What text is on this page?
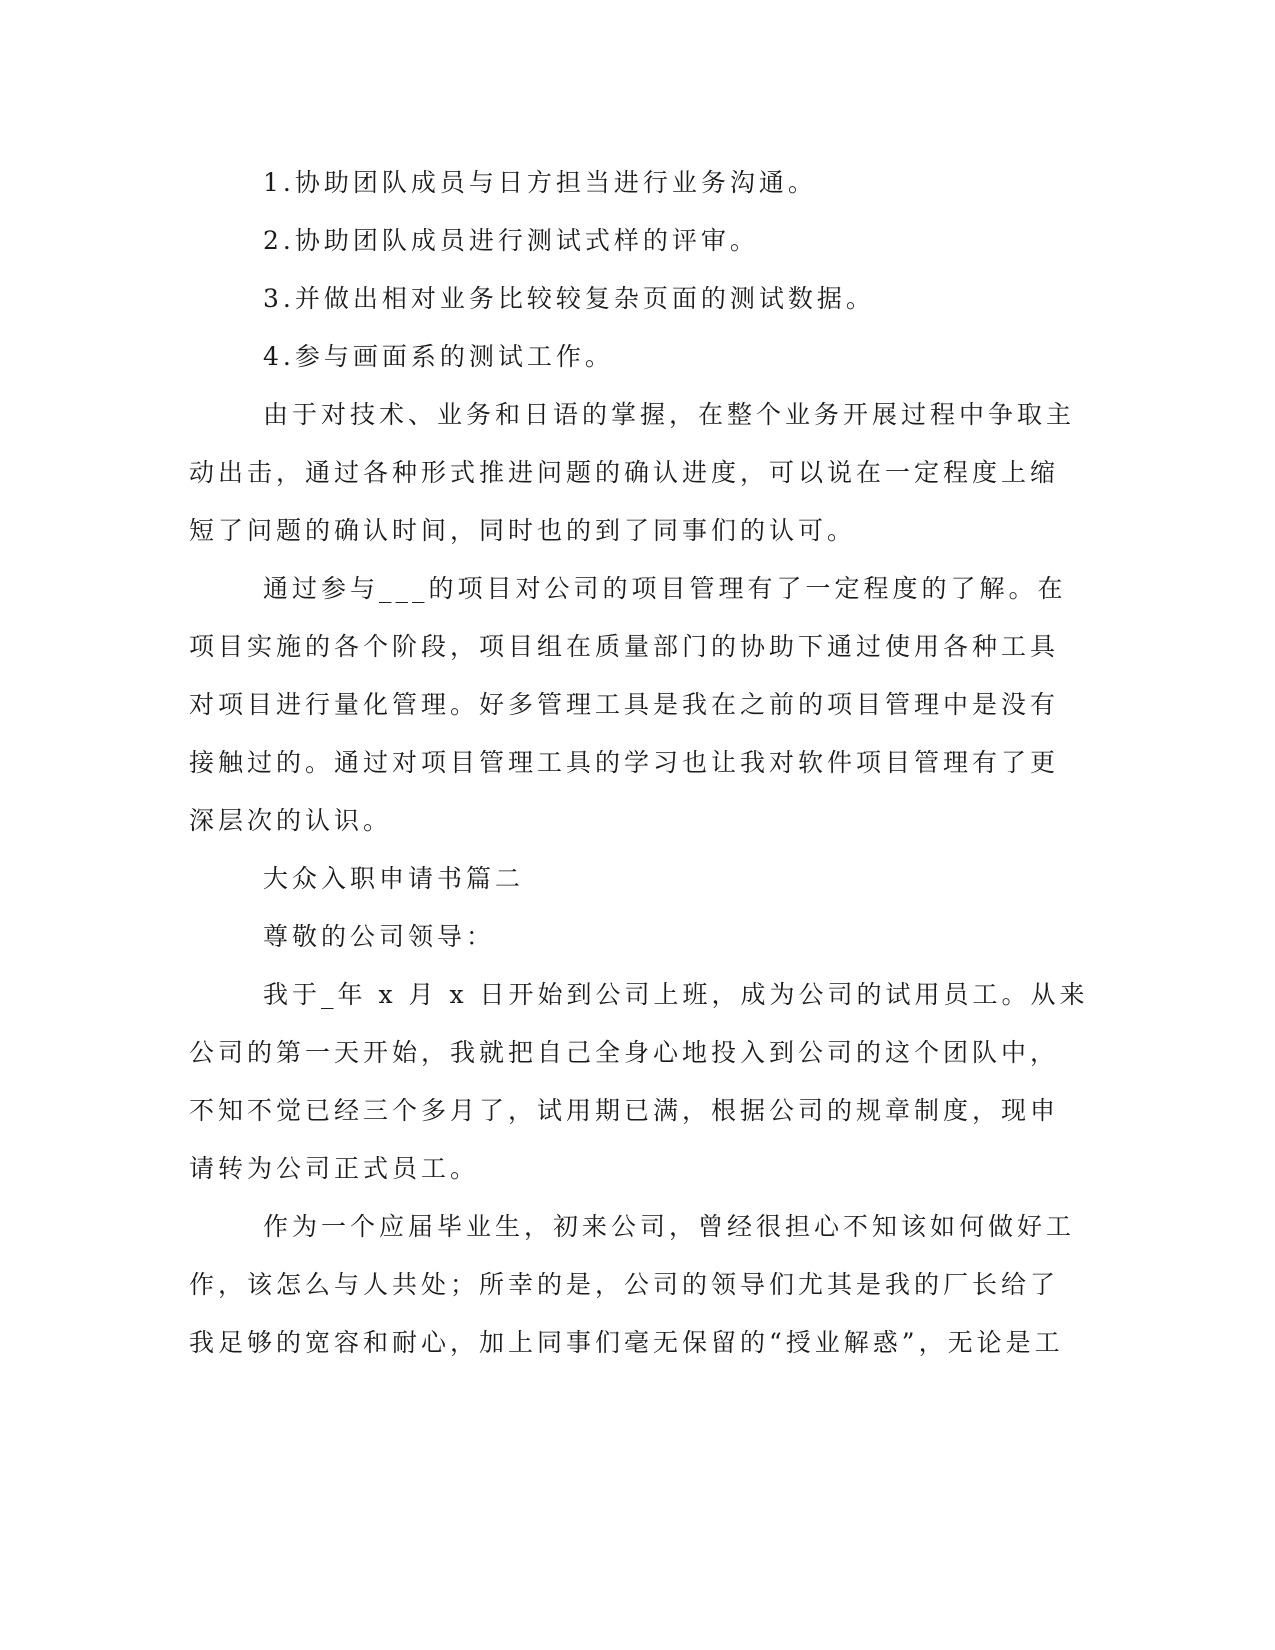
1.协助团队成员与日方担当进行业务沟通。
2.协助团队成员进行测试式样的评审。
3.并做出相对业务比较较复杂页面的测试数据。
4.参与画面系的测试工作。
由于对技术、业务和日语的掌握，在整个业务开展过程中争取主
动出击，通过各种形式推进问题的确认进度，可以说在一定程度上缩
短了问题的确认时间，同时也的到了同事们的认可。
通过参与___的项目对公司的项目管理有了一定程度的了解。在
项目实施的各个阶段，项目组在质量部门的协助下通过使用各种工具
对项目进行量化管理。好多管理工具是我在之前的项目管理中是没有
接触过的。通过对项目管理工具的学习也让我对软件项目管理有了更
深层次的认识。
大众入职申请书篇二
尊敬的公司领导：
我于_年 x 月 x 日开始到公司上班，成为公司的试用员工。从来
公司的第一天开始，我就把自己全身心地投入到公司的这个团队中，
不知不觉已经三个多月了，试用期已满，根据公司的规章制度，现申
请转为公司正式员工。
作为一个应届毕业生，初来公司，曾经很担心不知该如何做好工
作，该怎么与人共处；所幸的是，公司的领导们尤其是我的厂长给了
我足够的宽容和耐心，加上同事们毫无保留的“授业解惑”，无论是工
